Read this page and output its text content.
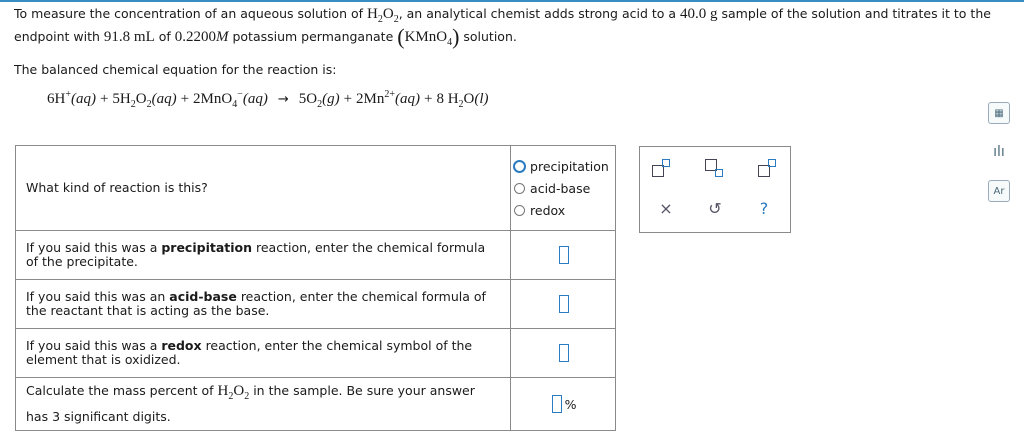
To measure the concentration of an aqueous solution of $H_2O_2$, an analytical chemist adds strong acid to a 40.0 g sample of the solution and titrates it to the
endpoint with 91.8 mL of 0.2200M potassium permanganate (KMnO$_4$) solution.
The balanced chemical equation for the reaction is:
$6H^+(aq) + 5H_2O_2(aq) + 2MnO_4^-(aq) \to 5O_2(g) + 2Mn^{2+}(aq) + 8$ $H_2O(l)$
▦
ılı
Ar
What kind of reaction is this?	precipitation
acid-base
redox

If you said this was a precipitation reaction, enter the chemical formula of the precipitate.	

If you said this was an acid-base reaction, enter the chemical formula of the reactant that is acting as the base.	

If you said this was a redox reaction, enter the chemical symbol of the element that is oxidized.	

Calculate the mass percent of $H_2O_2$ in the sample. Be sure your answer has 3 significant digits.	%
×	↺	?
